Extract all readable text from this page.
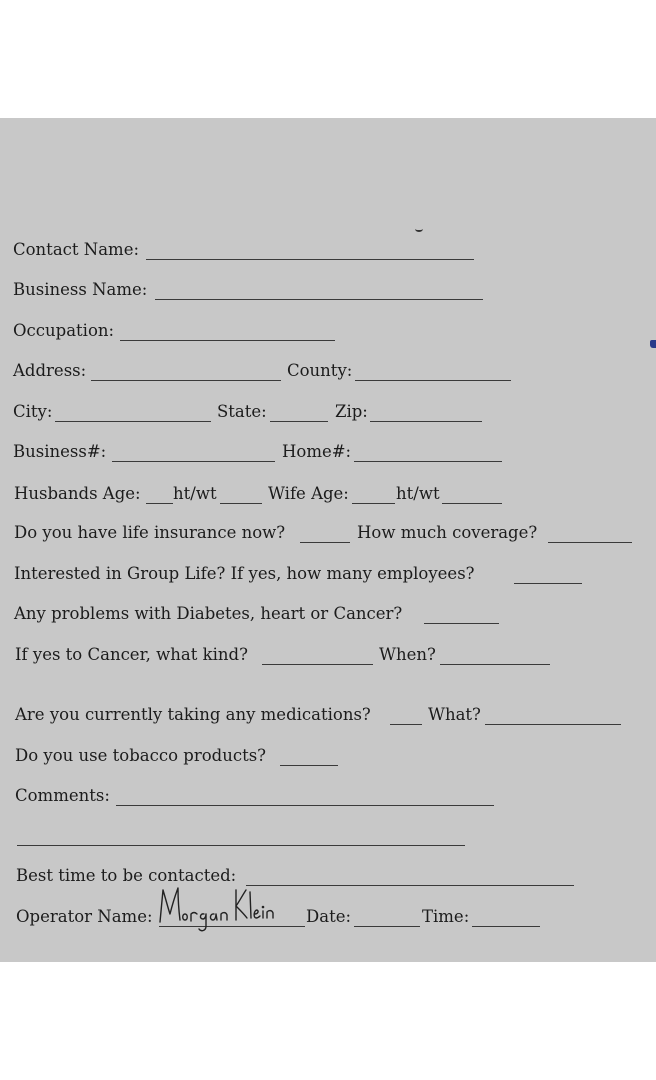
Contact Name:
Business Name:
Occupation:
Address:	County:
City:	State:	Zip:
Business#:	Home#:
Husbands Age: ht/wt	Wife Age:	ht/wt
Do you have life insurance now?	How much coverage?
Interested in Group Life? If yes, how many employees?
Any problems with Diabetes, heart or Cancer?
If yes to Cancer, what kind?	When?
Are you currently taking any medications?	What?
Do you use tobacco products?
Comments:
Best time to be contacted:
Operator Name:	Date:	Time:
